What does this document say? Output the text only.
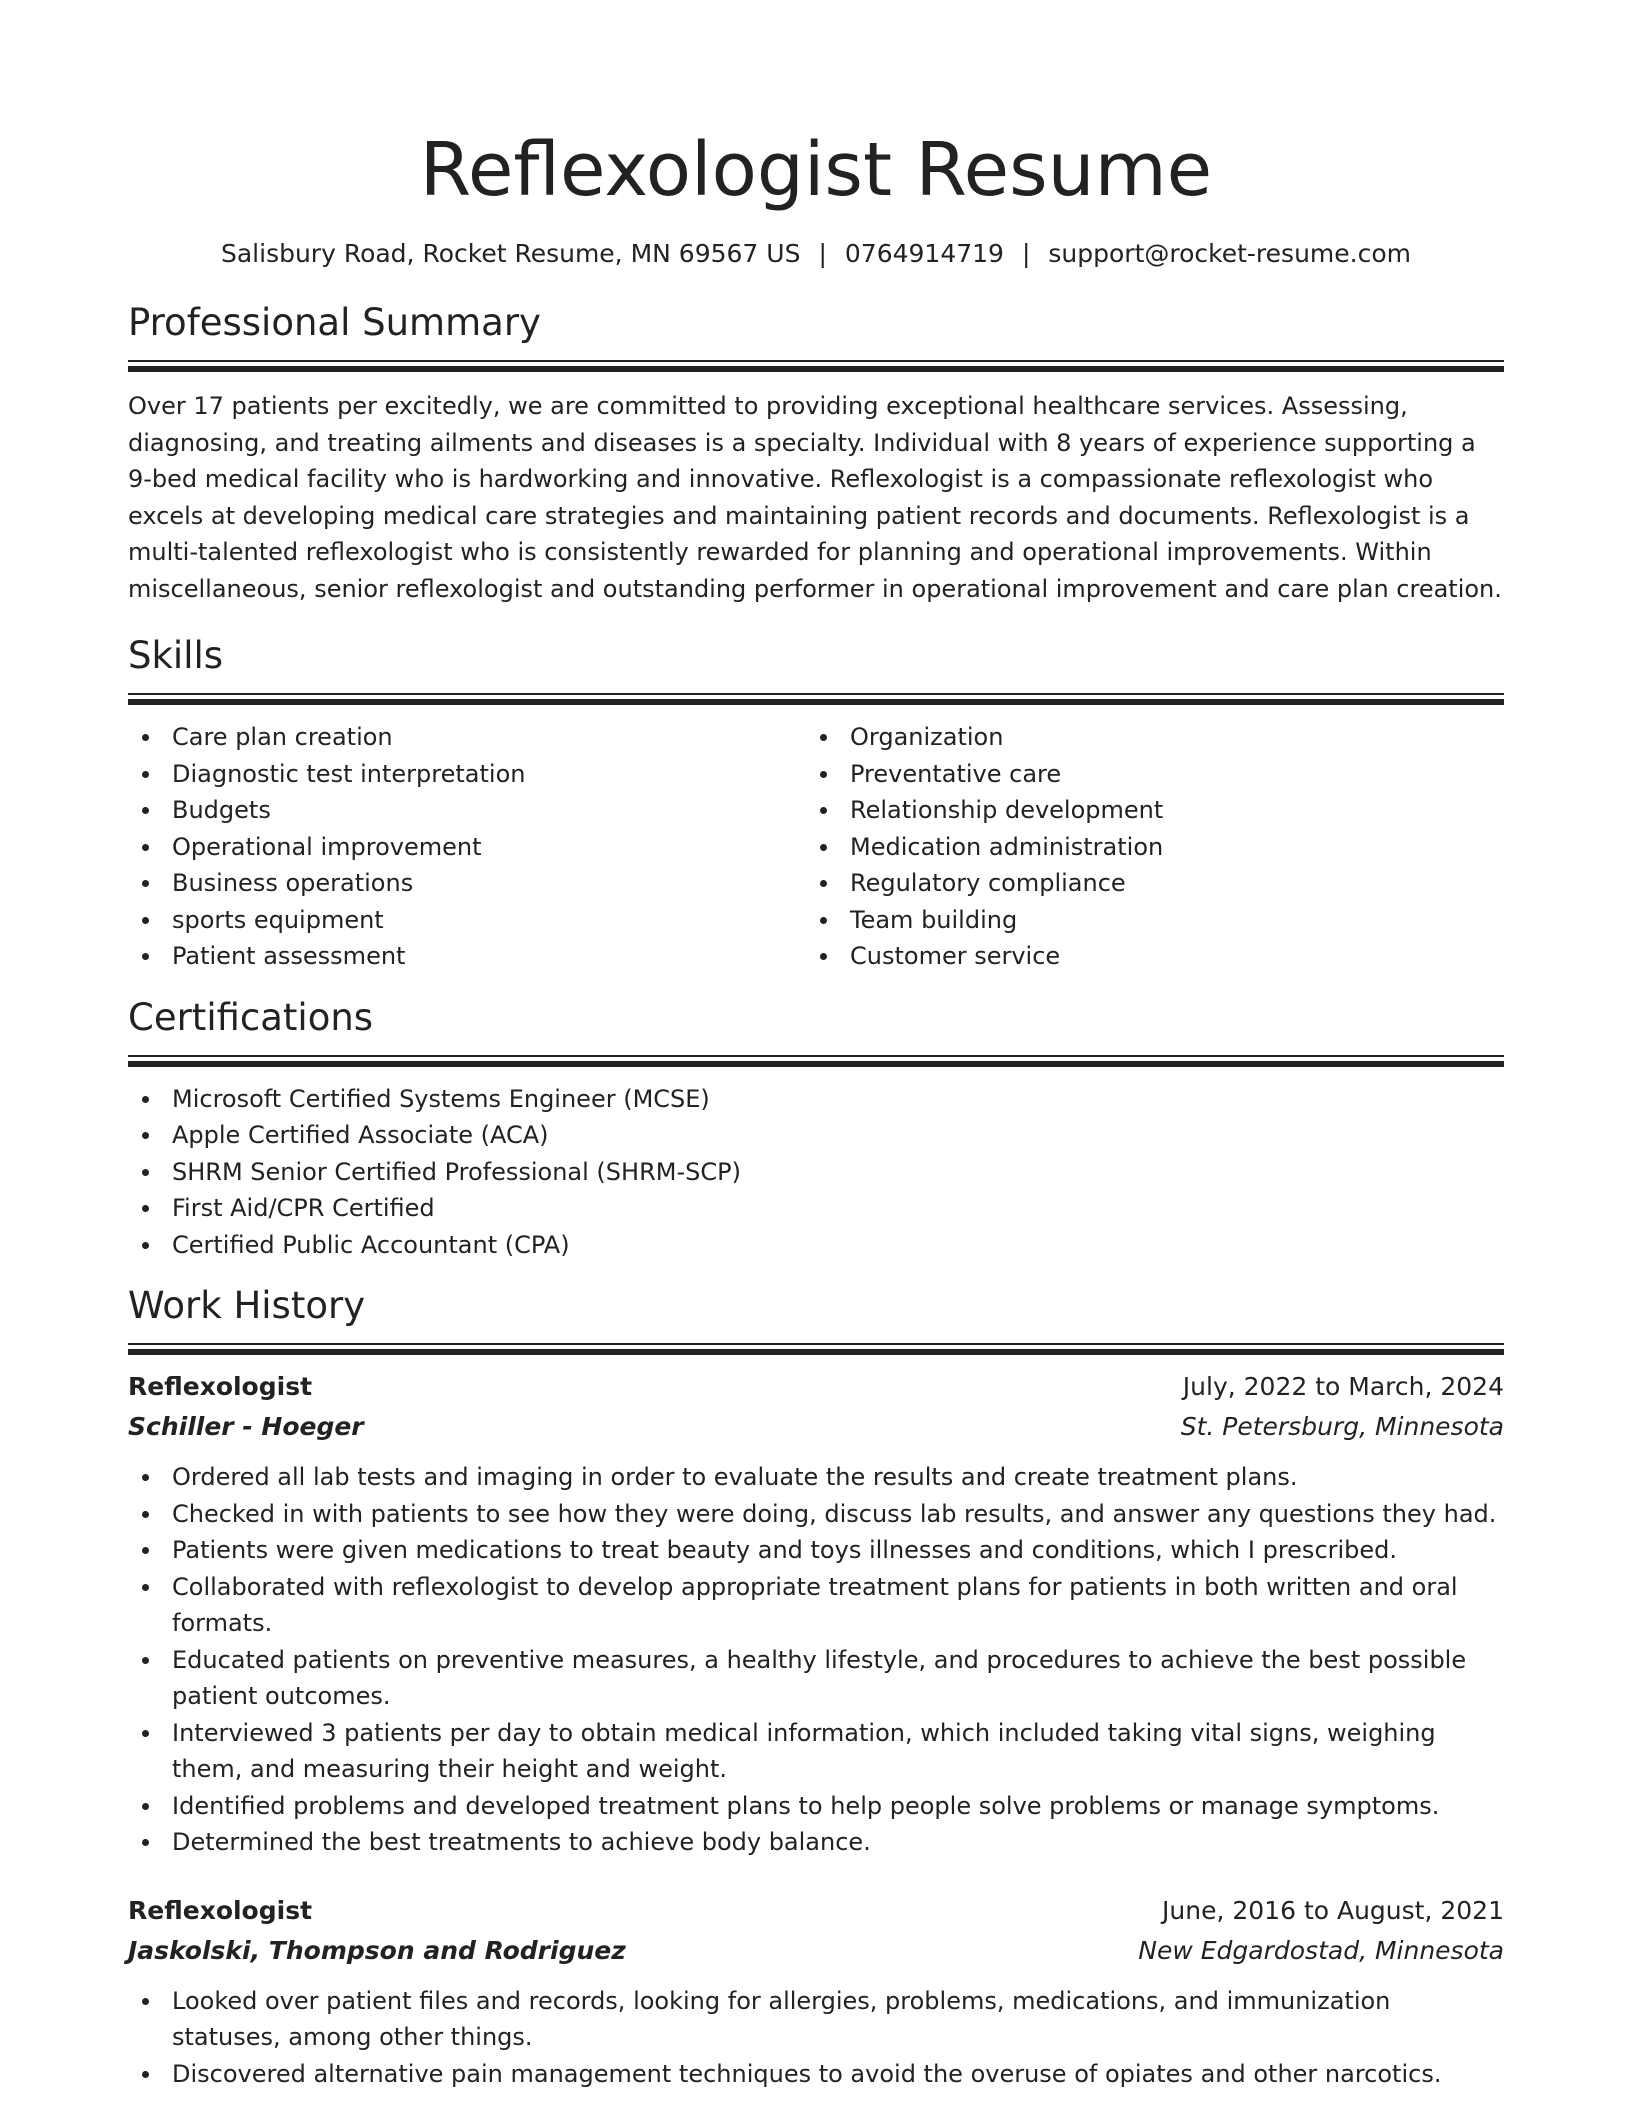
Reflexologist Resume
Salisbury Road, Rocket Resume, MN 69567 US | 0764914719 | support@rocket-resume.com
Professional Summary

Over 17 patients per excitedly, we are committed to providing exceptional healthcare services. Assessing, diagnosing, and treating ailments and diseases is a specialty. Individual with 8 years of experience supporting a 9-bed medical facility who is hardworking and innovative. Reflexologist is a compassionate reflexologist who excels at developing medical care strategies and maintaining patient records and documents. Reflexologist is a multi-talented reflexologist who is consistently rewarded for planning and operational improvements. Within miscellaneous, senior reflexologist and outstanding performer in operational improvement and care plan creation.

Skills
Care plan creation
Diagnostic test interpretation
Budgets
Operational improvement
Business operations
sports equipment
Patient assessment
Organization
Preventative care
Relationship development
Medication administration
Regulatory compliance
Team building
Customer service
Certifications
Microsoft Certified Systems Engineer (MCSE)
Apple Certified Associate (ACA)
SHRM Senior Certified Professional (SHRM-SCP)
First Aid/CPR Certified
Certified Public Accountant (CPA)
Work History
Reflexologist	July, 2022 to March, 2024
Schiller - Hoeger	St. Petersburg, Minnesota
Ordered all lab tests and imaging in order to evaluate the results and create treatment plans.
Checked in with patients to see how they were doing, discuss lab results, and answer any questions they had.
Patients were given medications to treat beauty and toys illnesses and conditions, which I prescribed.
Collaborated with reflexologist to develop appropriate treatment plans for patients in both written and oral formats.
Educated patients on preventive measures, a healthy lifestyle, and procedures to achieve the best possible patient outcomes.
Interviewed 3 patients per day to obtain medical information, which included taking vital signs, weighing them, and measuring their height and weight.
Identified problems and developed treatment plans to help people solve problems or manage symptoms.
Determined the best treatments to achieve body balance.
Reflexologist	June, 2016 to August, 2021
Jaskolski, Thompson and Rodriguez	New Edgardostad, Minnesota
Looked over patient files and records, looking for allergies, problems, medications, and immunization statuses, among other things.
Discovered alternative pain management techniques to avoid the overuse of opiates and other narcotics.
